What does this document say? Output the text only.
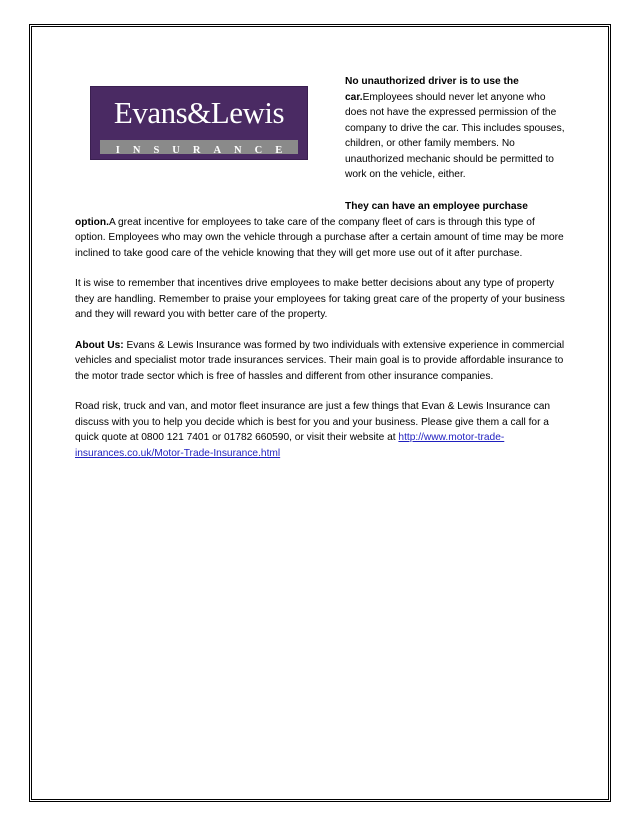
Evans&Lewis
INSURANCE

No unauthorized driver is to use the car.Employees should never let anyone who does not have the expressed permission of the company to drive the car. This includes spouses, children, or other family members. No unauthorized mechanic should be permitted to work on the vehicle, either.

They can have an employee purchase

option.A great incentive for employees to take care of the company fleet of cars is through this type of option. Employees who may own the vehicle through a purchase after a certain amount of time may be more inclined to take good care of the vehicle knowing that they will get more use out of it after purchase.

It is wise to remember that incentives drive employees to make better decisions about any type of property they are handling. Remember to praise your employees for taking great care of the property of your business and they will reward you with better care of the property.

About Us: Evans & Lewis Insurance was formed by two individuals with extensive experience in commercial vehicles and specialist motor trade insurances services. Their main goal is to provide affordable insurance to the motor trade sector which is free of hassles and different from other insurance companies.

Road risk, truck and van, and motor fleet insurance are just a few things that Evan & Lewis Insurance can discuss with you to help you decide which is best for you and your business. Please give them a call for a quick quote at 0800 121 7401 or 01782 660590, or visit their website at http://www.motor-trade-insurances.co.uk/Motor-Trade-Insurance.html
